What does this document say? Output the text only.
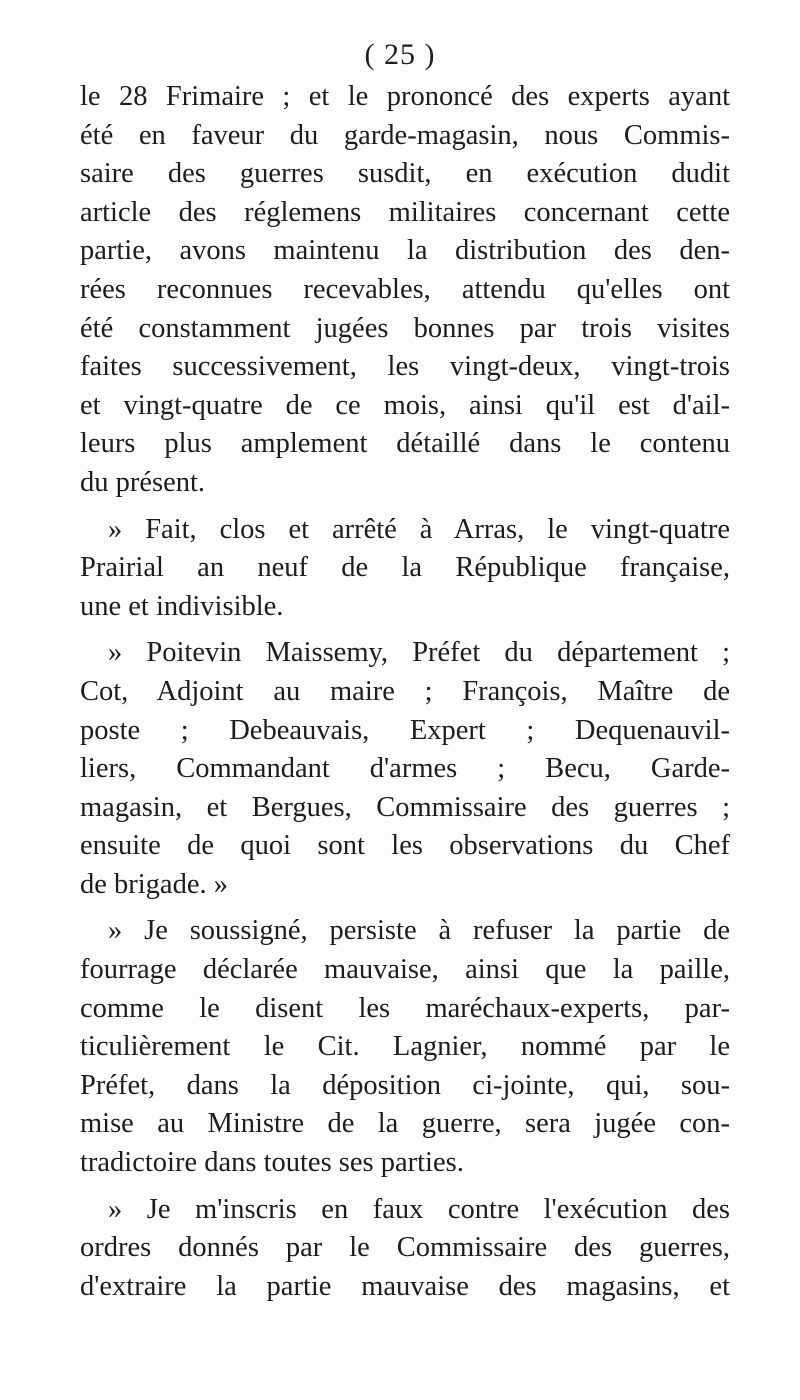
( 25 )
le 28 Frimaire ; et le prononcé des experts ayant
été en faveur du garde-magasin, nous Commis-
saire des guerres susdit, en exécution dudit
article des réglemens militaires concernant cette
partie, avons maintenu la distribution des den-
rées reconnues recevables, attendu qu'elles ont
été constamment jugées bonnes par trois visites
faites successivement, les vingt-deux, vingt-trois
et vingt-quatre de ce mois, ainsi qu'il est d'ail-
leurs plus amplement détaillé dans le contenu
du présent.
» Fait, clos et arrêté à Arras, le vingt-quatre
Prairial an neuf de la République française,
une et indivisible.
» Poitevin Maissemy, Préfet du département ;
Cot, Adjoint au maire ; François, Maître de
poste ; Debeauvais, Expert ; Dequenauvil-
liers, Commandant d'armes ; Becu, Garde-
magasin, et Bergues, Commissaire des guerres ;
ensuite de quoi sont les observations du Chef
de brigade. »
» Je soussigné, persiste à refuser la partie de
fourrage déclarée mauvaise, ainsi que la paille,
comme le disent les maréchaux-experts, par-
ticulièrement le Cit. Lagnier, nommé par le
Préfet, dans la déposition ci-jointe, qui, sou-
mise au Ministre de la guerre, sera jugée con-
tradictoire dans toutes ses parties.
» Je m'inscris en faux contre l'exécution des
ordres donnés par le Commissaire des guerres,
d'extraire la partie mauvaise des magasins, et
